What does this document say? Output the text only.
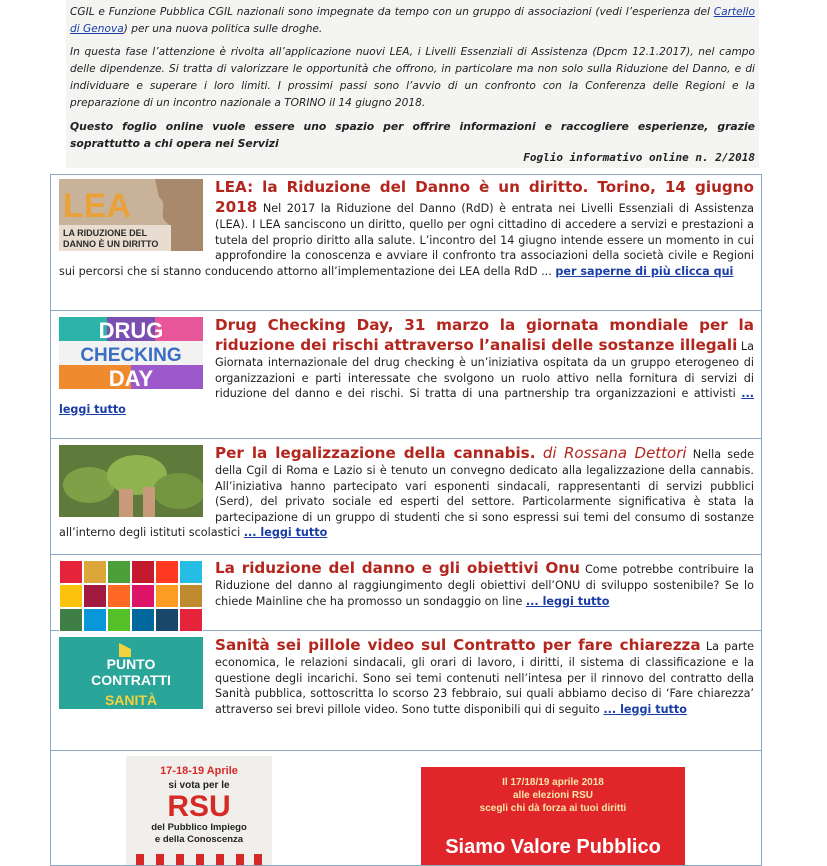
CGIL e Funzione Pubblica CGIL nazionali sono impegnate da tempo con un gruppo di associazioni (vedi l’esperienza del Cartello di Genova) per una nuova politica sulle droghe.

In questa fase l’attenzione è rivolta all’applicazione nuovi LEA, i Livelli Essenziali di Assistenza (Dpcm 12.1.2017), nel campo delle dipendenze. Si tratta di valorizzare le opportunità che offrono, in particolare ma non solo sulla Riduzione del Danno, e di individuare e superare i loro limiti. I prossimi passi sono l’avvio di un confronto con la Conferenza delle Regioni e la preparazione di un incontro nazionale a TORINO il 14 giugno 2018.

Questo foglio online vuole essere uno spazio per offrire informazioni e raccogliere esperienze, grazie soprattutto a chi opera nei Servizi

Foglio informativo online n. 2/2018
LEA
LA RIDUZIONE DEL
DANNO È UN DIRITTO
LEA: la Riduzione del Danno è un diritto. Torino, 14 giugno 2018 Nel 2017 la Riduzione del Danno (RdD) è entrata nei Livelli Essenziali di Assistenza (LEA). I LEA sanciscono un diritto, quello per ogni cittadino di accedere a servizi e prestazioni a tutela del proprio diritto alla salute. L’incontro del 14 giugno intende essere un momento in cui approfondire la conoscenza e avviare il confronto tra associazioni della società civile e Regioni sui percorsi che si stanno conducendo attorno all’implementazione dei LEA della RdD ... per saperne di più clicca qui
DRUG
CHECKING
DAY
Drug Checking Day, 31 marzo la giornata mondiale per la riduzione dei rischi attraverso l’analisi delle sostanze illegali La Giornata internazionale del drug checking è un’iniziativa ospitata da un gruppo eterogeneo di organizzazioni e parti interessate che svolgono un ruolo attivo nella fornitura di servizi di riduzione del danno e dei rischi. Si tratta di una partnership tra organizzazioni e attivisti ... leggi tutto
Per la legalizzazione della cannabis. di Rossana Dettori Nella sede della Cgil di Roma e Lazio si è tenuto un convegno dedicato alla legalizzazione della cannabis. All’iniziativa hanno partecipato vari esponenti sindacali, rappresentanti di servizi pubblici (Serd), del privato sociale ed esperti del settore. Particolarmente significativa è stata la partecipazione di un gruppo di studenti che si sono espressi sui temi del consumo di sostanze all’interno degli istituti scolastici ... leggi tutto
La riduzione del danno e gli obiettivi Onu Come potrebbe contribuire la Riduzione del danno al raggiungimento degli obiettivi dell’ONU di sviluppo sostenibile? Se lo chiede Mainline che ha promosso un sondaggio on line ... leggi tutto
PUNTO
CONTRATTI
SANITÀ
Sanità sei pillole video sul Contratto per fare chiarezza La parte economica, le relazioni sindacali, gli orari di lavoro, i diritti, il sistema di classificazione e la questione degli incarichi. Sono sei temi contenuti nell’intesa per il rinnovo del contratto della Sanità pubblica, sottoscritta lo scorso 23 febbraio, sui quali abbiamo deciso di ‘Fare chiarezza’ attraverso sei brevi pillole video. Sono tutte disponibili qui di seguito ... leggi tutto
17-18-19 Aprile
si vota per le
RSU
del Pubblico Impiego
e della Conoscenza
Il 17/18/19 aprile 2018
alle elezioni RSU
scegli chi dà forza ai tuoi diritti
Siamo Valore Pubblico
